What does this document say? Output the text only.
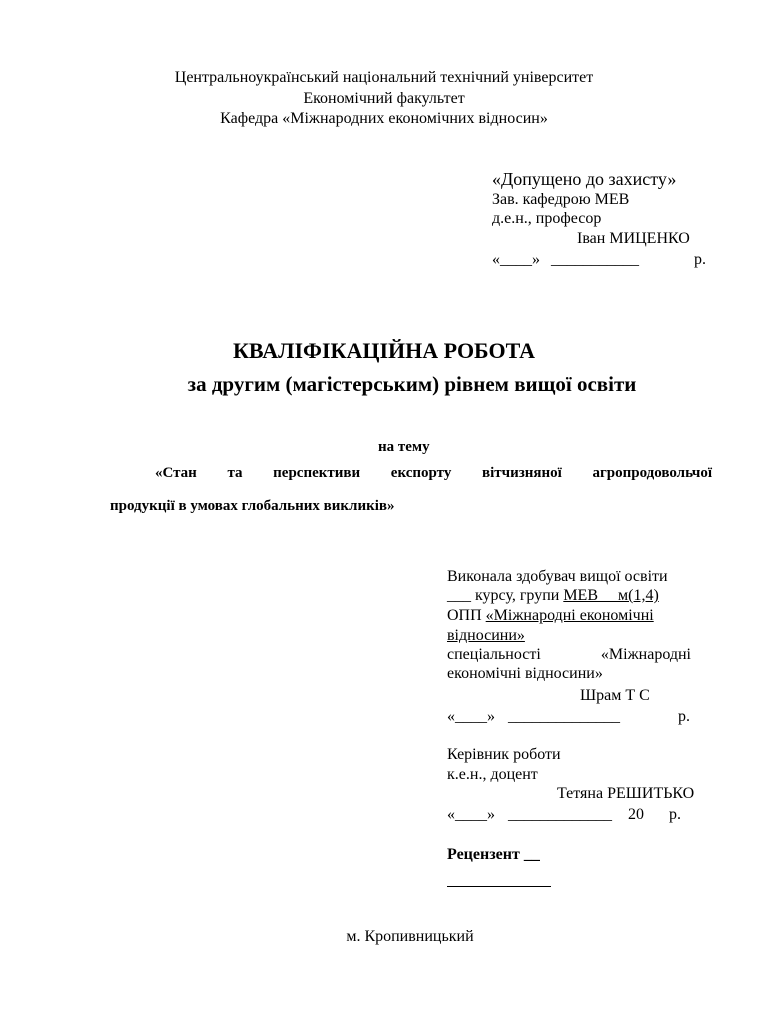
Центральноукраїнський національний технічний університет
Економічний факультет
Кафедра «Міжнародних економічних відносин»
«Допущено до захисту»
Зав. кафедрою МЕВ
д.е.н., професор
Іван МИЦЕНКО
«____» ___________	р.
КВАЛІФІКАЦІЙНА РОБОТА
за другим (магістерським) рівнем вищої освіти
на тему
«Стан та перспективи експорту вітчизняної агропродовольчої
продукції в умовах глобальних викликів»
Виконала здобувач вищої освіти
___ курсу, групи МЕВ     м(1,4)
ОПП «Міжнародні економічні
відносини»
спеціальності      «Міжнародні
економічні відносини»
Шрам Т С
«____» ______________	р.
Керівник роботи
к.е.н., доцент
Тетяна РЕШИТЬКО
«____» _____________ 20 р.
Рецензент __
м. Кропивницький
